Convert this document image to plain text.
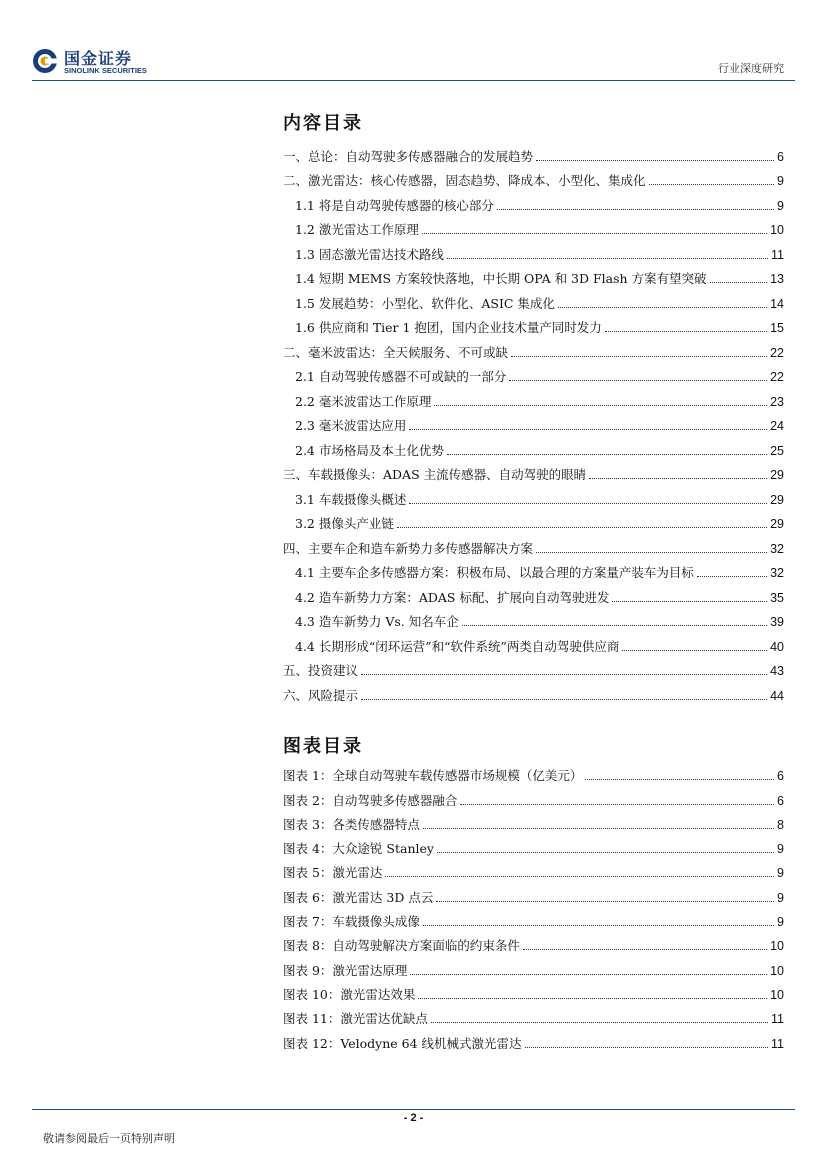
国金证券
SINOLINK SECURITIES	行业深度研究
内容目录
一、总论：自动驾驶多传感器融合的发展趋势	6
二、激光雷达：核心传感器，固态趋势、降成本、小型化、集成化	9
1.1 将是自动驾驶传感器的核心部分	9
1.2 激光雷达工作原理	10
1.3 固态激光雷达技术路线	11
1.4 短期 MEMS 方案较快落地，中长期 OPA 和 3D Flash 方案有望突破	13
1.5 发展趋势：小型化、软件化、ASIC 集成化	14
1.6 供应商和 Tier 1 抱团，国内企业技术量产同时发力	15
二、毫米波雷达：全天候服务、不可或缺	22
2.1 自动驾驶传感器不可或缺的一部分	22
2.2 毫米波雷达工作原理	23
2.3 毫米波雷达应用	24
2.4 市场格局及本土化优势	25
三、车载摄像头：ADAS 主流传感器、自动驾驶的眼睛	29
3.1 车载摄像头概述	29
3.2 摄像头产业链	29
四、主要车企和造车新势力多传感器解决方案	32
4.1 主要车企多传感器方案：积极布局、以最合理的方案量产装车为目标	32
4.2 造车新势力方案：ADAS 标配、扩展向自动驾驶进发	35
4.3 造车新势力 Vs. 知名车企	39
4.4 长期形成“闭环运营”和“软件系统”两类自动驾驶供应商	40
五、投资建议	43
六、风险提示	44
图表目录
图表 1：全球自动驾驶车载传感器市场规模（亿美元）	6
图表 2：自动驾驶多传感器融合	6
图表 3：各类传感器特点	8
图表 4：大众途锐 Stanley	9
图表 5：激光雷达	9
图表 6：激光雷达 3D 点云	9
图表 7：车载摄像头成像	9
图表 8：自动驾驶解决方案面临的约束条件	10
图表 9：激光雷达原理	10
图表 10：激光雷达效果	10
图表 11：激光雷达优缺点	11
图表 12：Velodyne 64 线机械式激光雷达	11
- 2 -
敬请参阅最后一页特别声明
